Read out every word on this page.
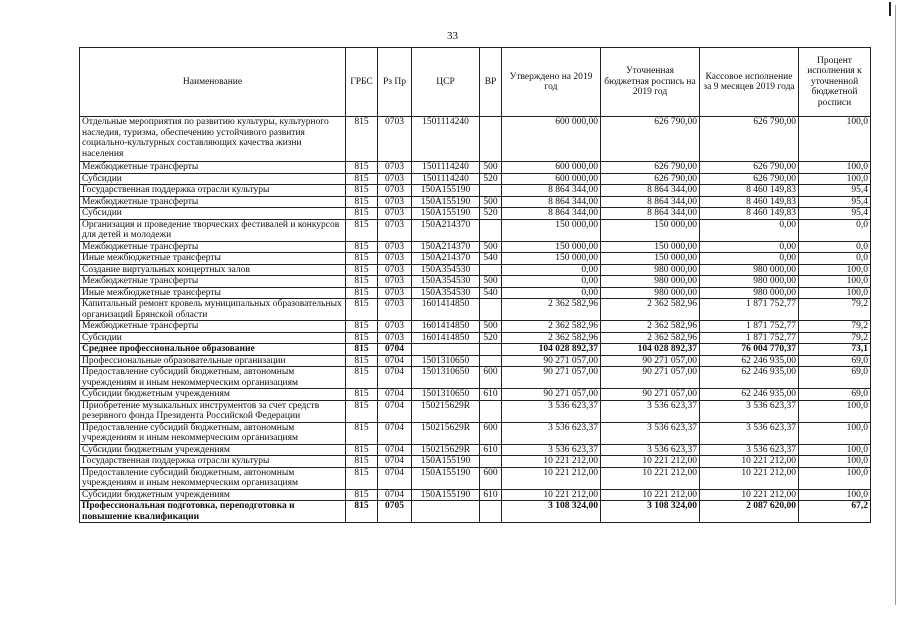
33
Наименование	ГРБС	Рз Пр	ЦСР	ВР	Утверждено на 2019 год	Уточненная бюджетная роспись на 2019 год	Кассовое исполнение за 9 месяцев 2019 года	Процент исполнения к уточненной бюджетной росписи
Отдельные мероприятия по развитию культуры, культурного наследия, туризма, обеспечению устойчивого развития социально-культурных составляющих качества жизни населения	815	0703	1501114240		600 000,00	626 790,00	626 790,00	100,0
Межбюджетные трансферты	815	0703	1501114240	500	600 000,00	626 790,00	626 790,00	100,0
Субсидии	815	0703	1501114240	520	600 000,00	626 790,00	626 790,00	100,0
Государственная поддержка отрасли культуры	815	0703	150А155190		8 864 344,00	8 864 344,00	8 460 149,83	95,4
Межбюджетные трансферты	815	0703	150А155190	500	8 864 344,00	8 864 344,00	8 460 149,83	95,4
Субсидии	815	0703	150А155190	520	8 864 344,00	8 864 344,00	8 460 149,83	95,4
Организация и проведение творческих фестивалей и конкурсов для детей и молодежи	815	0703	150А214370		150 000,00	150 000,00	0,00	0,0
Межбюджетные трансферты	815	0703	150А214370	500	150 000,00	150 000,00	0,00	0,0
Иные межбюджетные трансферты	815	0703	150А214370	540	150 000,00	150 000,00	0,00	0,0
Создание виртуальных концертных залов	815	0703	150А354530		0,00	980 000,00	980 000,00	100,0
Межбюджетные трансферты	815	0703	150А354530	500	0,00	980 000,00	980 000,00	100,0
Иные межбюджетные трансферты	815	0703	150А354530	540	0,00	980 000,00	980 000,00	100,0
Капитальный ремонт кровель муниципальных образовательных организаций Брянской области	815	0703	1601414850		2 362 582,96	2 362 582,96	1 871 752,77	79,2
Межбюджетные трансферты	815	0703	1601414850	500	2 362 582,96	2 362 582,96	1 871 752,77	79,2
Субсидии	815	0703	1601414850	520	2 362 582,96	2 362 582,96	1 871 752,77	79,2
Среднее профессиональное образование	815	0704			104 028 892,37	104 028 892,37	76 004 770,37	73,1
Профессиональные образовательные организации	815	0704	1501310650		90 271 057,00	90 271 057,00	62 246 935,00	69,0
Предоставление субсидий бюджетным, автономным учреждениям и иным некоммерческим организациям	815	0704	1501310650	600	90 271 057,00	90 271 057,00	62 246 935,00	69,0
Субсидии бюджетным учреждениям	815	0704	1501310650	610	90 271 057,00	90 271 057,00	62 246 935,00	69,0
Приобретение музыкальных инструментов за счет средств резервного фонда Президента Российской Федерации	815	0704	150215629R		3 536 623,37	3 536 623,37	3 536 623,37	100,0
Предоставление субсидий бюджетным, автономным учреждениям и иным некоммерческим организациям	815	0704	150215629R	600	3 536 623,37	3 536 623,37	3 536 623,37	100,0
Субсидии бюджетным учреждениям	815	0704	150215629R	610	3 536 623,37	3 536 623,37	3 536 623,37	100,0
Государственная поддержка отрасли культуры	815	0704	150А155190		10 221 212,00	10 221 212,00	10 221 212,00	100,0
Предоставление субсидий бюджетным, автономным учреждениям и иным некоммерческим организациям	815	0704	150А155190	600	10 221 212,00	10 221 212,00	10 221 212,00	100,0
Субсидии бюджетным учреждениям	815	0704	150А155190	610	10 221 212,00	10 221 212,00	10 221 212,00	100,0
Профессиональная подготовка, переподготовка и повышение квалификации	815	0705			3 108 324,00	3 108 324,00	2 087 620,00	67,2
